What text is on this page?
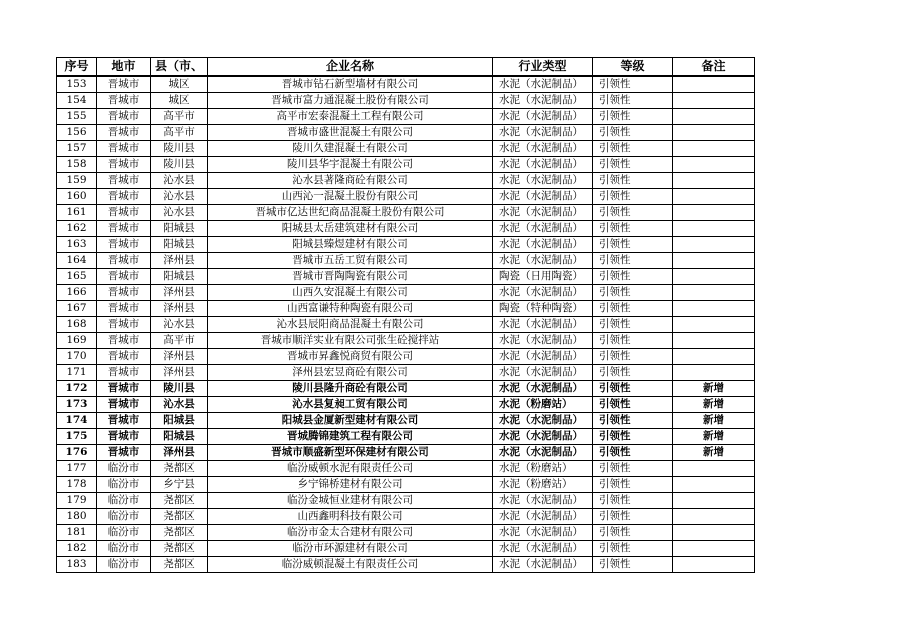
序号	地市	县（市、	企业名称	行业类型	等级	备注
153	晋城市	城区	晋城市钻石新型墙材有限公司	水泥（水泥制品）	引领性	
154	晋城市	城区	晋城市富力通混凝土股份有限公司	水泥（水泥制品）	引领性	
155	晋城市	高平市	高平市宏泰混凝土工程有限公司	水泥（水泥制品）	引领性	
156	晋城市	高平市	晋城市盛世混凝土有限公司	水泥（水泥制品）	引领性	
157	晋城市	陵川县	陵川久建混凝土有限公司	水泥（水泥制品）	引领性	
158	晋城市	陵川县	陵川县华宇混凝土有限公司	水泥（水泥制品）	引领性	
159	晋城市	沁水县	沁水县著隆商砼有限公司	水泥（水泥制品）	引领性	
160	晋城市	沁水县	山西沁一混凝土股份有限公司	水泥（水泥制品）	引领性	
161	晋城市	沁水县	晋城市亿达世纪商品混凝土股份有限公司	水泥（水泥制品）	引领性	
162	晋城市	阳城县	阳城县太岳建筑建材有限公司	水泥（水泥制品）	引领性	
163	晋城市	阳城县	阳城县臻煜建材有限公司	水泥（水泥制品）	引领性	
164	晋城市	泽州县	晋城市五岳工贸有限公司	水泥（水泥制品）	引领性	
165	晋城市	阳城县	晋城市晋陶陶瓷有限公司	陶瓷（日用陶瓷）	引领性	
166	晋城市	泽州县	山西久安混凝土有限公司	水泥（水泥制品）	引领性	
167	晋城市	泽州县	山西富谦特种陶瓷有限公司	陶瓷（特种陶瓷）	引领性	
168	晋城市	沁水县	沁水县辰阳商品混凝土有限公司	水泥（水泥制品）	引领性	
169	晋城市	高平市	晋城市顺洋实业有限公司张生砼搅拌站	水泥（水泥制品）	引领性	
170	晋城市	泽州县	晋城市昇鑫悦商贸有限公司	水泥（水泥制品）	引领性	
171	晋城市	泽州县	泽州县宏昱商砼有限公司	水泥（水泥制品）	引领性	
172	晋城市	陵川县	陵川县隆升商砼有限公司	水泥（水泥制品）	引领性	新增
173	晋城市	沁水县	沁水县复昶工贸有限公司	水泥（粉磨站）	引领性	新增
174	晋城市	阳城县	阳城县金厦新型建材有限公司	水泥（水泥制品）	引领性	新增
175	晋城市	阳城县	晋城腾锦建筑工程有限公司	水泥（水泥制品）	引领性	新增
176	晋城市	泽州县	晋城市顺盛新型环保建材有限公司	水泥（水泥制品）	引领性	新增
177	临汾市	尧都区	临汾威顿水泥有限责任公司	水泥（粉磨站）	引领性	
178	临汾市	乡宁县	乡宁锦桥建材有限公司	水泥（粉磨站）	引领性	
179	临汾市	尧都区	临汾金城恒业建材有限公司	水泥（水泥制品）	引领性	
180	临汾市	尧都区	山西鑫明科技有限公司	水泥（水泥制品）	引领性	
181	临汾市	尧都区	临汾市金太合建材有限公司	水泥（水泥制品）	引领性	
182	临汾市	尧都区	临汾市环源建材有限公司	水泥（水泥制品）	引领性	
183	临汾市	尧都区	临汾威顿混凝土有限责任公司	水泥（水泥制品）	引领性	
